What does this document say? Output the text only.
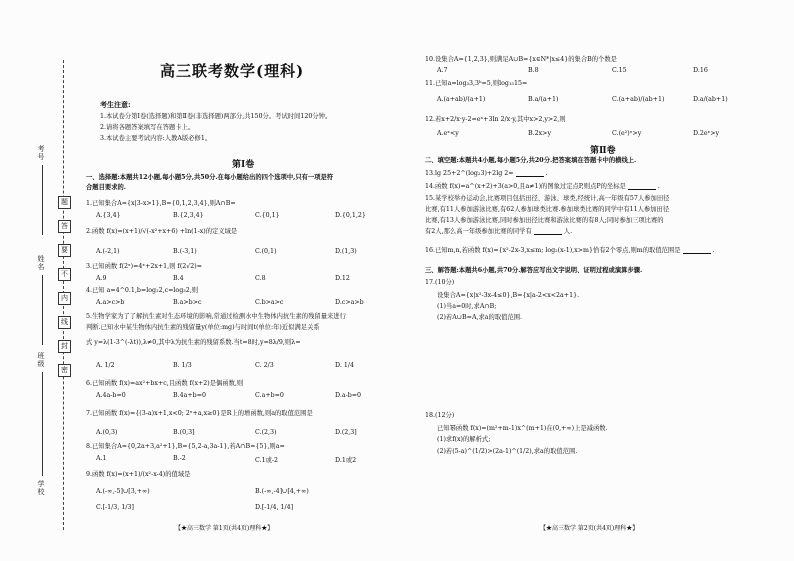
考号
姓名
班级
学校
题
答
要
不
内
线
封
密
高三联考数学(理科)
考生注意:
1.本试卷分第Ⅰ卷(选择题)和第Ⅱ卷(非选择题)两部分,共150分。考试时间120分钟。
2.请将各题答案填写在答题卡上。
3.本试卷主要考试内容:人教A版必修1。
第Ⅰ卷
一、选择题:本题共12小题,每小题5分,共50分.在每小题给出的四个选项中,只有一项是符
合题目要求的.
1.已知集合A={x|3-x>1},B={0,1,2,3,4},则A∩B=
A.{3,4}	B.{2,3,4}	C.{0,1}	D.{0,1,2}
2.函数 f(x)=(x+1)/√(-x²+x+6) +ln(1-x)的定义域是
A.(-2,1)	B.(-3,1)	C.(0,1)	D.(1,3)
3.已知函数 f(2ˣ)=4ˣ+2x+1,则 f(2√2)=
A.9	B.4	C.8	D.12
4.已知 a=4^0.1,b=log₂2,c=log₃2,则
A.a>c>b	B.a>b>c	C.b>a>c	D.c>a>b
5.生物学家为了了解抗生素对生态环境的影响,常通过检测水中生物体内抗生素的残留量来进行
判断.已知水中某生物体内抗生素的残留量y(单位:mg)与时间t(单位:年)近似满足关系
式 y=λ(1-3^(-λt)),λ≠0,其中λ为抗生素的残留系数.当t=8时,y=8λ/9,则λ=
A. 1/2	B. 1/3	C. 2/3	D. 1/4
6.已知函数 f(x)=ax²+bx+c,且函数 f(x+2)是偶函数,则
A.4a-b=0	B.4a+b=0	C.a+b=0	D.a-b=0
7.已知函数 f(x)={(3-a)x+1,x<0; 2ˣ+a,x≥0}是R上的增函数,则a的取值范围是
A.(0,3)	B.(0,3]	C.(2,3)	D.(2,3]
8.已知集合A={0,2a+3,a²+1},B={5,2-a,3a-1},若A∩B={5},则a=
A.1	B.-2	C.1或-2	D.1或2
9.函数 f(x)=(x+1)/(x²-x-4)的值域是
A.(-∞,-5]∪[3,+∞)	B.(-∞,-4]∪[4,+∞)
C.[-1/3, 1/3]	D.[-1/4, 1/4]
【★高三数学 第1页(共4页)理科★】
10.设集合A={1,2,3},则满足A∪B={x∈N*|x≤4}的集合B的个数是
A.7	B.8	C.15	D.16
11.已知a=log₃3,3ᵇ=5,则log₁₅15=
A.(a+ab)/(a+1)	B.a/(a+1)	C.(a+ab)/(ab+1)	D.a/(ab+1)
12.若x+2/x·y-2=eˣ+3ln 2/x·y,其中x>2,y>2,则
A.eˣ<y	B.2x>y	C.(e²)ˣ>y	D.2eˣ>y
第Ⅱ卷
二、填空题:本题共4小题,每小题5分,共20分.把答案填在答题卡中的横线上.
13.lg 25+2^(log₂3)+2lg 2=	.
14.函数 f(x)=a^(x+2)+3(a>0,且a≠1)的图象过定点P,则点P的坐标是	.
15.某学校举办运动会,比赛项目包括田径、游泳、球类,经统计,高一年级有57人参加田径
比赛,有11人参加游泳比赛,有62人参加球类比赛.参加球类比赛的同学中有11人参加田径
比赛,有13人参加游泳比赛,同时参加田径比赛和游泳比赛的有8人;同时参加三项比赛的
有2人,那么高一年级参加比赛的同学有	人.
16.已知m,n,若函数 f(x)={x²-2x-3,x≤m; log₂(x-1),x>m}恰有2个零点,则m的取值范围是	.
三、解答题:本题共6小题,共70分.解答应写出文字说明、证明过程或演算步骤.
17.(10分)
设集合A={x|x²-3x-4≤0},B={x|a-2<x<2a+1}.
(1)当a=0时,求A∩B;
(2)若A∪B=A,求a的取值范围.
18.(12分)
已知幂函数 f(x)=(m²+m-1)x^(m+1)在(0,+∞)上是减函数.
(1)求f(x)的解析式;
(2)若(5-a)^(1/2)>(2a-1)^(1/2),求a的取值范围.
【★高三数学 第2页(共4页)理科★】
